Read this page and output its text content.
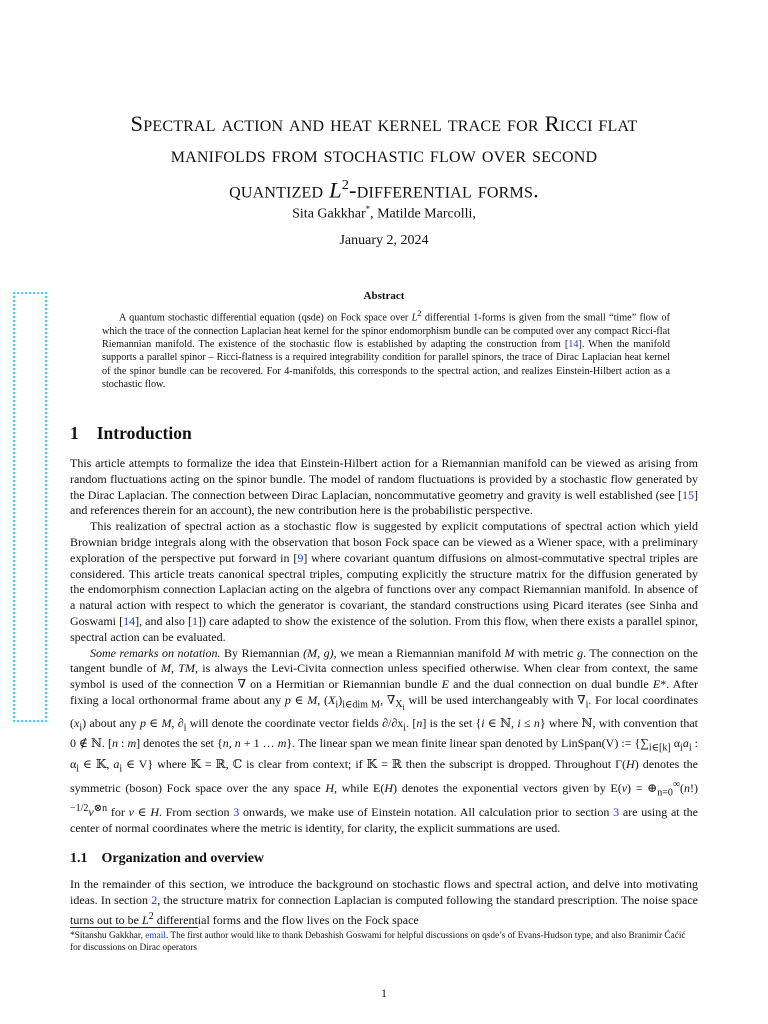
Spectral action and heat kernel trace for Ricci flat
manifolds from stochastic flow over second
quantized $L^2$-differential forms.
Sita Gakkhar*, Matilde Marcolli,
January 2, 2024
Abstract

A quantum stochastic differential equation (qsde) on Fock space over $L^2$ differential 1-forms is given from the small “time” flow of which the trace of the connection Laplacian heat kernel for the spinor endomorphism bundle can be computed over any compact Ricci-flat Riemannian manifold. The existence of the stochastic flow is established by adapting the construction from [14]. When the manifold supports a parallel spinor – Ricci-flatness is a required integrability condition for parallel spinors, the trace of Dirac Laplacian heat kernel of the spinor bundle can be recovered. For 4-manifolds, this corresponds to the spectral action, and realizes Einstein-Hilbert action as a stochastic flow.

1 Introduction

This article attempts to formalize the idea that Einstein-Hilbert action for a Riemannian manifold can be viewed as arising from random fluctuations acting on the spinor bundle. The model of random fluctuations is provided by a stochastic flow generated by the Dirac Laplacian. The connection between Dirac Laplacian, noncommutative geometry and gravity is well established (see [15] and references therein for an account), the new contribution here is the probabilistic perspective.

This realization of spectral action as a stochastic flow is suggested by explicit computations of spectral action which yield Brownian bridge integrals along with the observation that boson Fock space can be viewed as a Wiener space, with a preliminary exploration of the perspective put forward in [9] where covariant quantum diffusions on almost-commutative spectral triples are considered. This article treats canonical spectral triples, computing explicitly the structure matrix for the diffusion generated by the endomorphism connection Laplacian acting on the algebra of functions over any compact Riemannian manifold. In absence of a natural action with respect to which the generator is covariant, the standard constructions using Picard iterates (see Sinha and Goswami [14], and also [1]) care adapted to show the existence of the solution. From this flow, when there exists a parallel spinor, spectral action can be evaluated.

Some remarks on notation. By Riemannian (M, g), we mean a Riemannian manifold M with metric g. The connection on the tangent bundle of M, TM, is always the Levi-Civita connection unless specified otherwise. When clear from context, the same symbol is used of the connection ∇ on a Hermitian or Riemannian bundle E and the dual connection on dual bundle E*. After fixing a local orthonormal frame about any p ∈ M, $(X_i)_{i\in dim M}$, $\nabla_{X_i}$ will be used interchangeably with $\nabla_i$. For local coordinates $(x_i)$ about any p ∈ M, $\partial_i$ will denote the coordinate vector fields $\partial/\partial x_i$. [n] is the set {i ∈ ℕ, i ≤ n} where ℕ, with convention that 0 ∉ ℕ. [n : m] denotes the set {n, n + 1 … m}. The linear span we mean finite linear span denoted by LinSpan(V) := {$\sum_{i\in[k]}$ $\alpha_ia_i$ : $\alpha_i$ ∈ 𝕂, $a_i$ ∈ V} where 𝕂 = ℝ, ℂ is clear from context; if 𝕂 = ℝ then the subscript is dropped. Throughout Γ(H) denotes the symmetric (boson) Fock space over the any space H, while E(H) denotes the exponential vectors given by $E(v) = \oplus_{n=0}^\infty(n!)^{-1/2}v^{\otimes n}$ for v ∈ H. From section 3 onwards, we make use of Einstein notation. All calculation prior to section 3 are using at the center of normal coordinates where the metric is identity, for clarity, the explicit summations are used.

1.1 Organization and overview

In the remainder of this section, we introduce the background on stochastic flows and spectral action, and delve into motivating ideas. In section 2, the structure matrix for connection Laplacian is computed following the standard prescription. The noise space turns out to be $L^2$ differential forms and the flow lives on the Fock space

*Sitanshu Gakkhar, email. The first author would like to thank Debashish Goswami for helpful discussions on qsde’s of Evans-Hudson type, and also Branimir Ćaćić for discussions on Dirac operators
1
